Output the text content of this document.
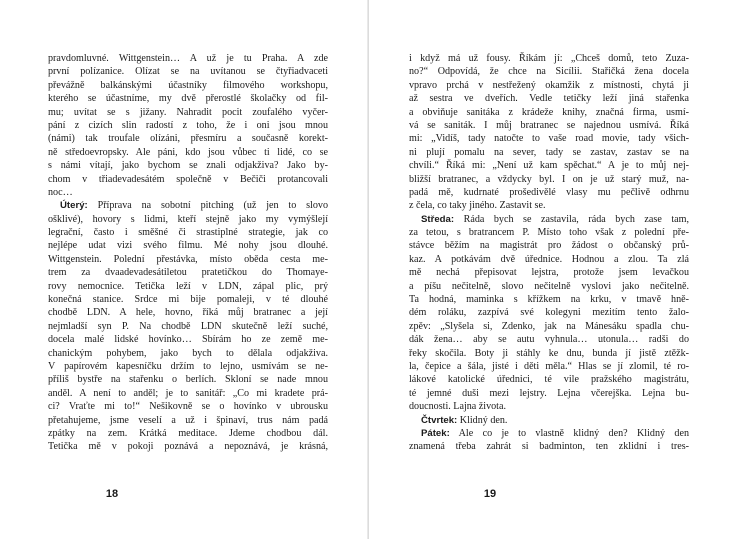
pravdomluvné. Wittgenstein… A už je tu Praha. A zde
první polízanice. Olízat se na uvítanou se čtyřiadvaceti
převážně balkánskými účastníky filmového workshopu,
kterého se účastníme, my dvě přerostlé školačky od fil-
mu; uvítat se s jižany. Nahradit pocit zoufalého vyčer-
pání z cizích slin radostí z toho, že i oni jsou mnou
(námi) tak troufale olízáni, přesmíru a současně korekt-
ně středoevropsky. Ale páni, kdo jsou vůbec ti lidé, co se
s námi vítají, jako bychom se znali odjakživa? Jako by-
chom v třiadevadesátém společně v Bečiči protancovali
noc…
Úterý: Příprava na sobotní pitching (už jen to slovo
ošklivé), hovory s lidmi, kteří stejně jako my vymýšlejí
legrační, často i směšné či strastiplné strategie, jak co
nejlépe udat vizi svého filmu. Mé nohy jsou dlouhé.
Wittgenstein. Polední přestávka, místo oběda cesta me-
trem za dvaadevadesátiletou pratetičkou do Thomaye-
rovy nemocnice. Tetička leží v LDN, zápal plic, prý
konečná stanice. Srdce mi bije pomaleji, v té dlouhé
chodbě LDN. A hele, hovno, říká můj bratranec a její
nejmladší syn P. Na chodbě LDN skutečně leží suché,
docela malé lidské hovínko… Sbírám ho ze země me-
chanickým pohybem, jako bych to dělala odjakživa.
V papírovém kapesníčku držím to lejno, usmívám se ne-
příliš bystře na stařenku o berlích. Skloní se nade mnou
anděl. A není to anděl; je to sanitář: „Co mi kradete prá-
ci? Vraťte mi to!“ Nešikovně se o hovínko v ubrousku
přetahujeme, jsme veselí a už i špinaví, trus nám padá
zpátky na zem. Krátká meditace. Jdeme chodbou dál.
Tetička mě v pokoji poznává a nepoznává, je krásná,
18
i když má už fousy. Říkám jí: „Chceš domů, teto Zuza-
no?“ Odpovídá, že chce na Sicílii. Stařičká žena docela
vpravo prchá v nestřežený okamžik z místnosti, chytá ji
až sestra ve dveřích. Vedle tetičky leží jiná stařenka
a obviňuje sanitáka z krádeže knihy, značná firma, usmí-
vá se saniták. I můj bratranec se najednou usmívá. Říká
mi: „Vidíš, tady natočte to vaše road movie, tady všich-
ni plují pomalu na sever, tady se zastav, zastav se na
chvíli.“ Říká mi: „Není už kam spěchat.“ A je to můj nej-
bližší bratranec, a vždycky byl. I on je už starý muž, na-
padá mě, kudrnaté prošedivělé vlasy mu pečlivě odhrnu
z čela, co taky jiného. Zastavit se.
Středa: Ráda bych se zastavila, ráda bych zase tam,
za tetou, s bratrancem P. Místo toho však z polední pře-
stávce běžím na magistrát pro žádost o občanský prů-
kaz. A potkávám dvě úřednice. Hodnou a zlou. Ta zlá
mě nechá přepisovat lejstra, protože jsem levačkou
a píšu nečitelně, slovo nečitelně vyslovi jako nečitelně.
Ta hodná, maminka s křížkem na krku, v tmavě hně-
dém roláku, zazpívá své kolegyni mezitím tento žalo-
zpěv: „Slyšela si, Zdenko, jak na Mánesáku spadla chu-
dák žena… aby se autu vyhnula… utonula… radši do
řeky skočila. Boty ji stáhly ke dnu, bunda jí jistě ztěžk-
la, čepice a šála, jisté i děti měla.“ Hlas se jí zlomil, té ro-
lákové katolické úřednici, té vile pražského magistrátu,
té jemné duši mezi lejstry. Lejna včerejška. Lejna bu-
doucnosti. Lajna života.
Čtvrtek: Klidný den.
Pátek: Ale co je to vlastně klidný den? Klidný den
znamená třeba zahrát si badminton, ten zklidní i tres-
19
